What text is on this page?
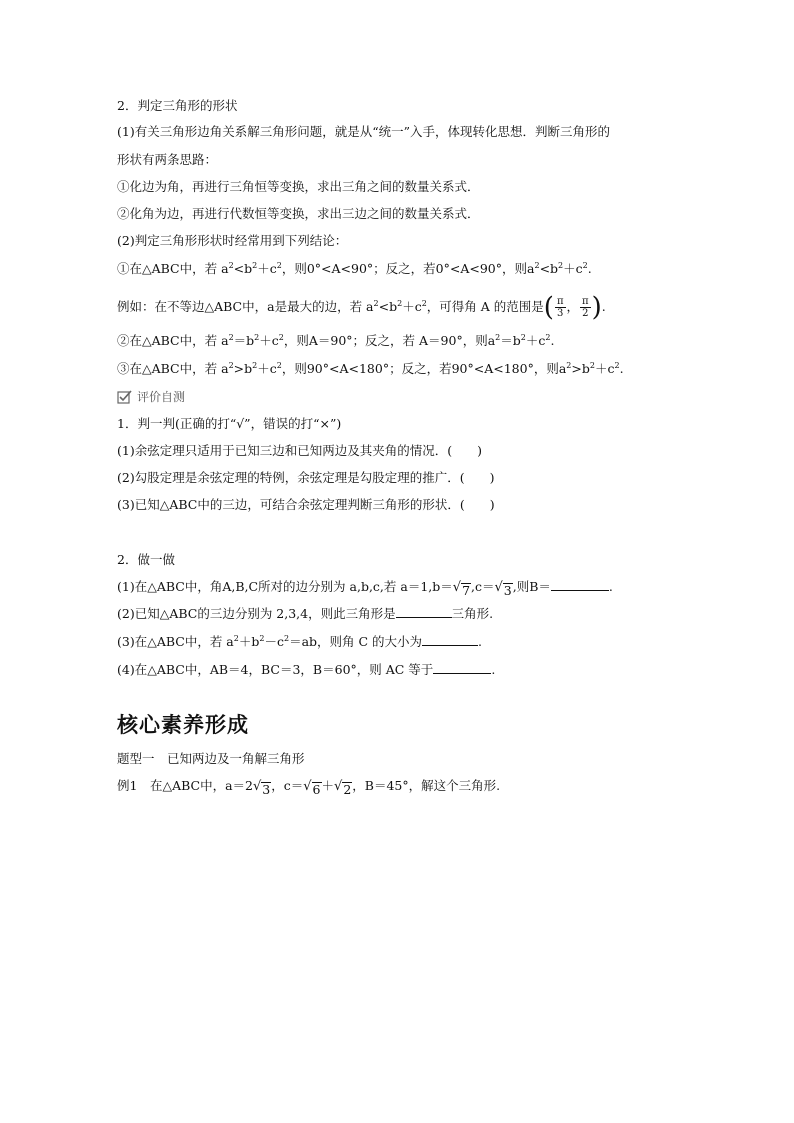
2．判定三角形的形状
(1)有关三角形边角关系解三角形问题，就是从“统一”入手，体现转化思想．判断三角形的
形状有两条思路：
①化边为角，再进行三角恒等变换，求出三角之间的数量关系式．
②化角为边，再进行代数恒等变换，求出三边之间的数量关系式．
(2)判定三角形形状时经常用到下列结论：
①在△ABC中，若 $a^2<b^2+c^2$，则0°<A<90°；反之，若0°<A<90°，则$a^2<b^2+c^2$.
例如：在不等边△ABC中，a是最大的边，若 $a^2<b^2+c^2$，可得角 A 的范围是( $\frac{\pi}{3}$ ， $\frac{\pi}{2}$ ).
②在△ABC中，若 $a^2=b^2+c^2$，则A＝90°；反之，若 A＝90°，则$a^2=b^2+c^2$.
③在△ABC中，若 $a^2>b^2+c^2$，则90°<A<180°；反之，若90°<A<180°，则$a^2>b^2+c^2$.
评价自测
1．判一判(正确的打“√”，错误的打“×”)
(1)余弦定理只适用于已知三边和已知两边及其夹角的情况．(　　)
(2)勾股定理是余弦定理的特例，余弦定理是勾股定理的推广．(　　)
(3)已知△ABC中的三边，可结合余弦定理判断三角形的形状．(　　)
2．做一做
(1)在△ABC中，角A,B,C所对的边分别为 a,b,c,若 a＝1,b＝ √ 7 ,c＝ √ 3 ,则B＝	.
(2)已知△ABC的三边分别为 2,3,4，则此三角形是	三角形.
(3)在△ABC中，若 $a^2+b^2-c^2=ab$，则角 C 的大小为	.
(4)在△ABC中，AB＝4，BC＝3，B＝60°，则 AC 等于	.
核心素养形成
题型一　已知两边及一角解三角形
例1　在△ABC中，a＝2 √ 3 ，c＝ √ 6 ＋ √ 2 ，B＝45°，解这个三角形.
